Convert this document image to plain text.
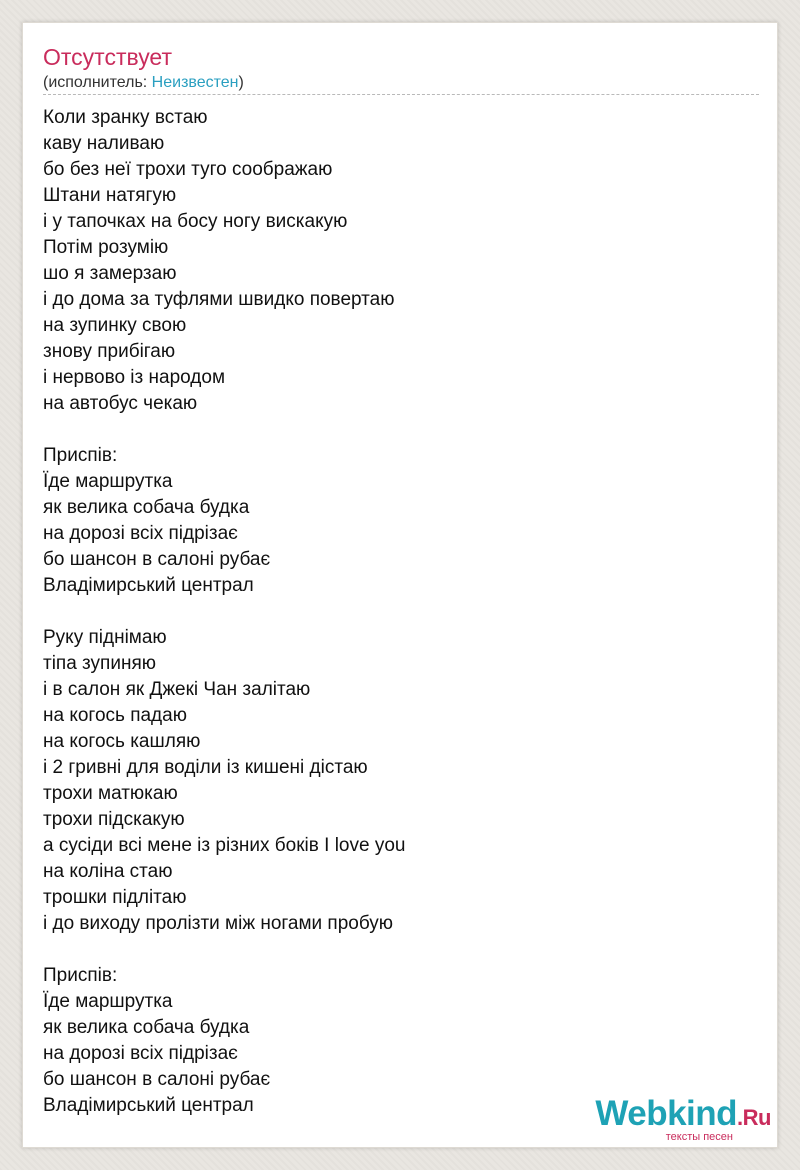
Отсутствует
(исполнитель: Неизвестен)
Коли зранку встаю
каву наливаю
бо без неї трохи туго соображаю
Штани натягую
і у тапочках на босу ногу вискакую
Потім розумію
шо я замерзаю
і до дома за туфлями швидко повертаю
на зупинку свою
знову прибігаю
і нервово із народом
на автобус чекаю
Приспів:
Їде маршрутка
як велика собача будка
на дорозі всіх підрізає
бо шансон в салоні рубає
Владімирський централ
Руку піднімаю
тіпа зупиняю
і в салон як Джекі Чан залітаю
на когось падаю
на когось кашляю
і 2 гривні для воділи із кишені дістаю
трохи матюкаю
трохи підскакую
а сусіди всі мене із різних боків I love you
на коліна стаю
трошки підлітаю
і до виходу пролізти між ногами пробую
Приспів:
Їде маршрутка
як велика собача будка
на дорозі всіх підрізає
бо шансон в салоні рубає
Владімирський централ	Webkind.Ru
тексты песен
